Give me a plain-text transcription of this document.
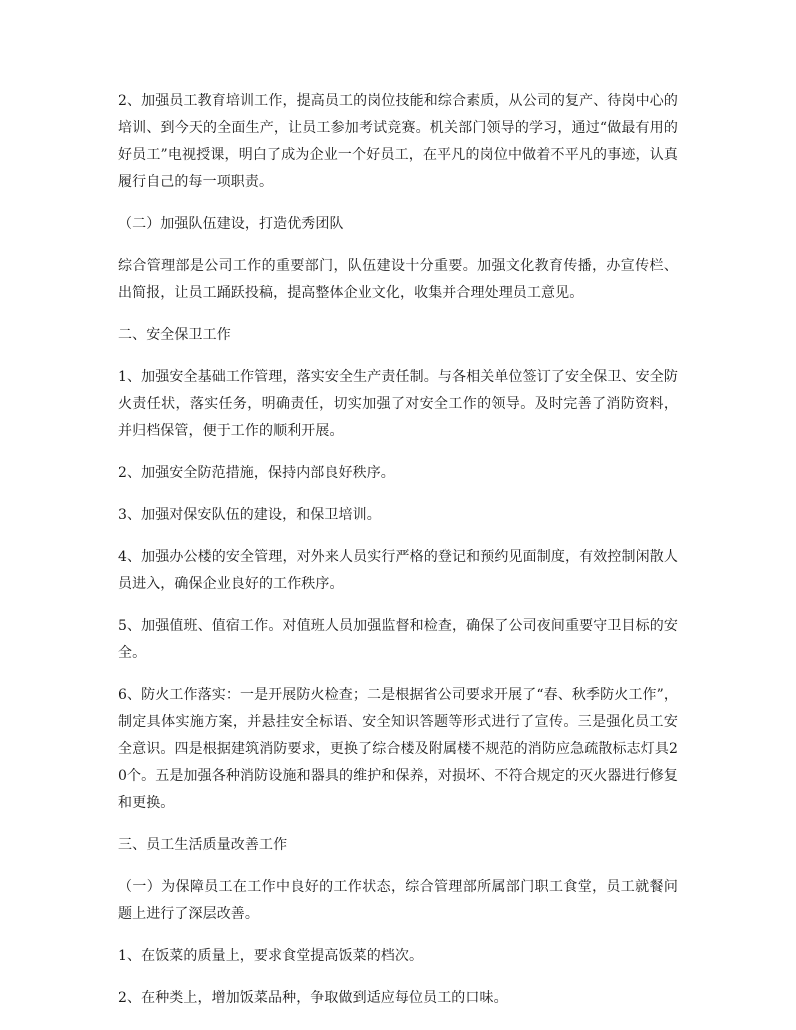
2、加强员工教育培训工作，提高员工的岗位技能和综合素质，从公司的复产、待岗中心的培训、到今天的全面生产，让员工参加考试竞赛。机关部门领导的学习，通过“做最有用的好员工”电视授课，明白了成为企业一个好员工，在平凡的岗位中做着不平凡的事迹，认真履行自己的每一项职责。

（二）加强队伍建设，打造优秀团队

综合管理部是公司工作的重要部门，队伍建设十分重要。加强文化教育传播，办宣传栏、出简报，让员工踊跃投稿，提高整体企业文化，收集并合理处理员工意见。

二、安全保卫工作

1、加强安全基础工作管理，落实安全生产责任制。与各相关单位签订了安全保卫、安全防火责任状，落实任务，明确责任，切实加强了对安全工作的领导。及时完善了消防资料，并归档保管，便于工作的顺利开展。

2、加强安全防范措施，保持内部良好秩序。

3、加强对保安队伍的建设，和保卫培训。

4、加强办公楼的安全管理，对外来人员实行严格的登记和预约见面制度，有效控制闲散人员进入，确保企业良好的工作秩序。

5、加强值班、值宿工作。对值班人员加强监督和检查，确保了公司夜间重要守卫目标的安全。

6、防火工作落实：一是开展防火检查；二是根据省公司要求开展了“春、秋季防火工作”，制定具体实施方案，并悬挂安全标语、安全知识答题等形式进行了宣传。三是强化员工安全意识。四是根据建筑消防要求，更换了综合楼及附属楼不规范的消防应急疏散标志灯具20个。五是加强各种消防设施和器具的维护和保养，对损坏、不符合规定的灭火器进行修复和更换。

三、员工生活质量改善工作

（一）为保障员工在工作中良好的工作状态，综合管理部所属部门职工食堂，员工就餐问题上进行了深层改善。

1、在饭菜的质量上，要求食堂提高饭菜的档次。

2、在种类上，增加饭菜品种，争取做到适应每位员工的口味。
